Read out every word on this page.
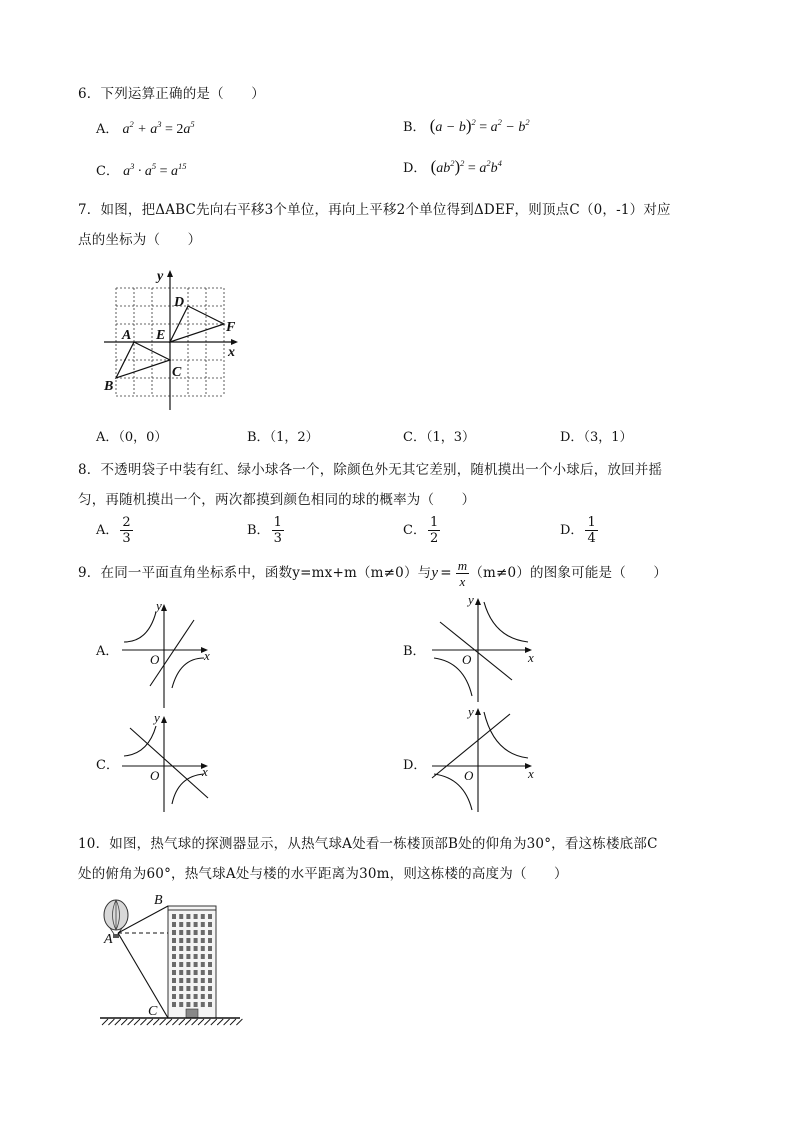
6．下列运算正确的是（　　）
A． $a^2 + a^3 = 2a^5$	B． $(a - b)^2 = a^2 - b^2$
C． $a^3 \cdot a^5 = a^{15}$	D． $(ab^2)^2 = a^2b^4$
7．如图，把ΔABC先向右平移3个单位，再向上平移2个单位得到ΔDEF，则顶点C（0，-1）对应
点的坐标为（　　）
y
x
A
B
C
D
E
F
A．（0，0）	B．（1，2）	C．（1，3）	D．（3，1）
8．不透明袋子中装有红、绿小球各一个，除颜色外无其它差别，随机摸出一个小球后，放回并摇
匀，再随机摸出一个，两次都摸到颜色相同的球的概率为（　　）
A． $\frac{2}{3}$	B． $\frac{1}{3}$	C． $\frac{1}{2}$	D． $\frac{1}{4}$
9．在同一平面直角坐标系中，函数y=mx+m（m≠0）与$y = \frac{m}{x} (m\ne 0)$的图象可能是（　　）
A．
y
x
O
B．
y
x
O
C．
y
x
O
D．
y
x
O
10．如图，热气球的探测器显示，从热气球A处看一栋楼顶部B处的仰角为30°，看这栋楼底部C
处的俯角为60°，热气球A处与楼的水平距离为30m，则这栋楼的高度为（　　）
B
A
C
